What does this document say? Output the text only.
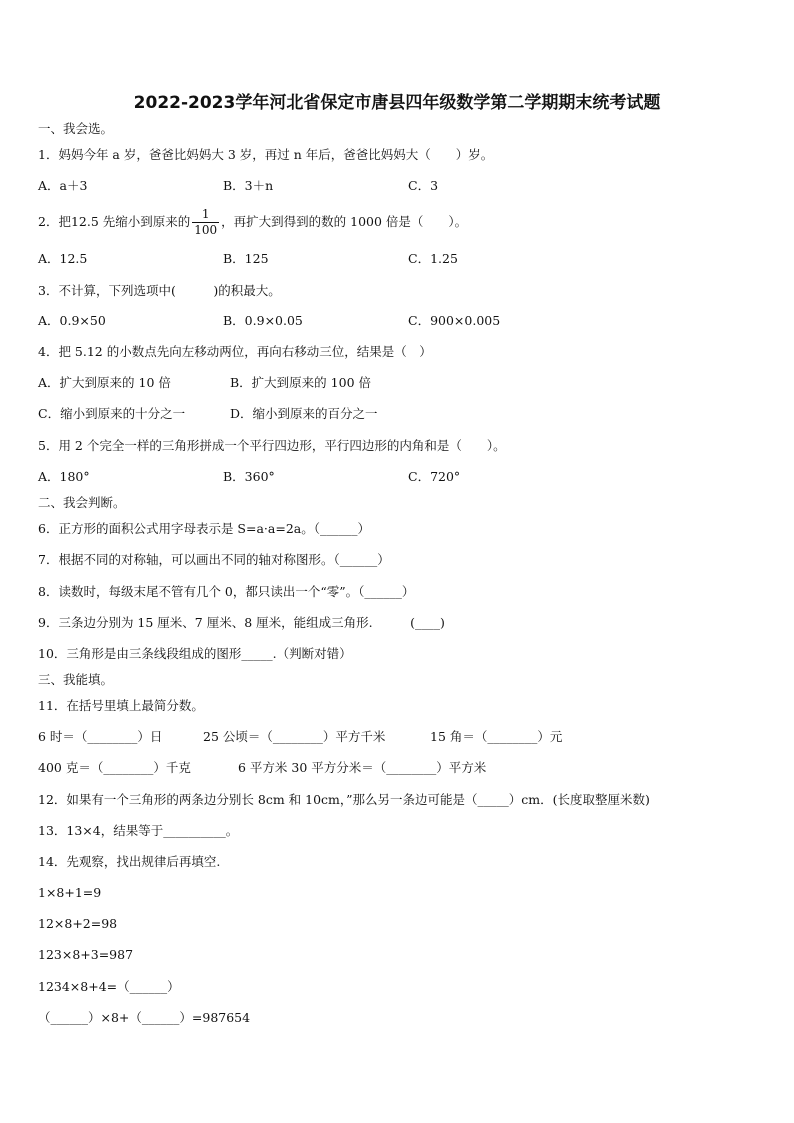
2022-2023学年河北省保定市唐县四年级数学第二学期期末统考试题
一、我会选。
1．妈妈今年 a 岁，爸爸比妈妈大 3 岁，再过 n 年后，爸爸比妈妈大（　　）岁。
A．a＋3	B．3＋n	C．3
2．把12.5 先缩小到原来的 $\frac{1}{100}$ ，再扩大到得到的数的 1000 倍是（　　）。
A．12.5	B．125	C．1.25
3．不计算，下列选项中(　　　)的积最大。
A．0.9×50	B．0.9×0.05	C．900×0.005
4．把 5.12 的小数点先向左移动两位，再向右移动三位，结果是（　）
A．扩大到原来的 10 倍	B．扩大到原来的 100 倍
C．缩小到原来的十分之一	D．缩小到原来的百分之一
5．用 2 个完全一样的三角形拼成一个平行四边形，平行四边形的内角和是（　　）。
A．180°	B．360°	C．720°
二、我会判断。
6．正方形的面积公式用字母表示是 S=a·a=2a。（______）
7．根据不同的对称轴，可以画出不同的轴对称图形。（______）
8．读数时，每级末尾不管有几个 0，都只读出一个“零”。（______）
9．三条边分别为 15 厘米、7 厘米、8 厘米，能组成三角形.　　　(____)
10．三角形是由三条线段组成的图形_____.（判断对错）
三、我能填。
11．在括号里填上最简分数。
6 时＝（________）日	25 公顷＝（________）平方千米	15 角＝（________）元
400 克＝（________）千克	6 平方米 30 平方分米＝（________）平方米
12．如果有一个三角形的两条边分别长 8cm 和 10cm，”那么另一条边可能是（_____）cm．(长度取整厘米数)
13．13×4，结果等于__________。
14．先观察，找出规律后再填空.
1×8+1=9
12×8+2=98
123×8+3=987
1234×8+4=（______）
（______）×8+（______）=987654
